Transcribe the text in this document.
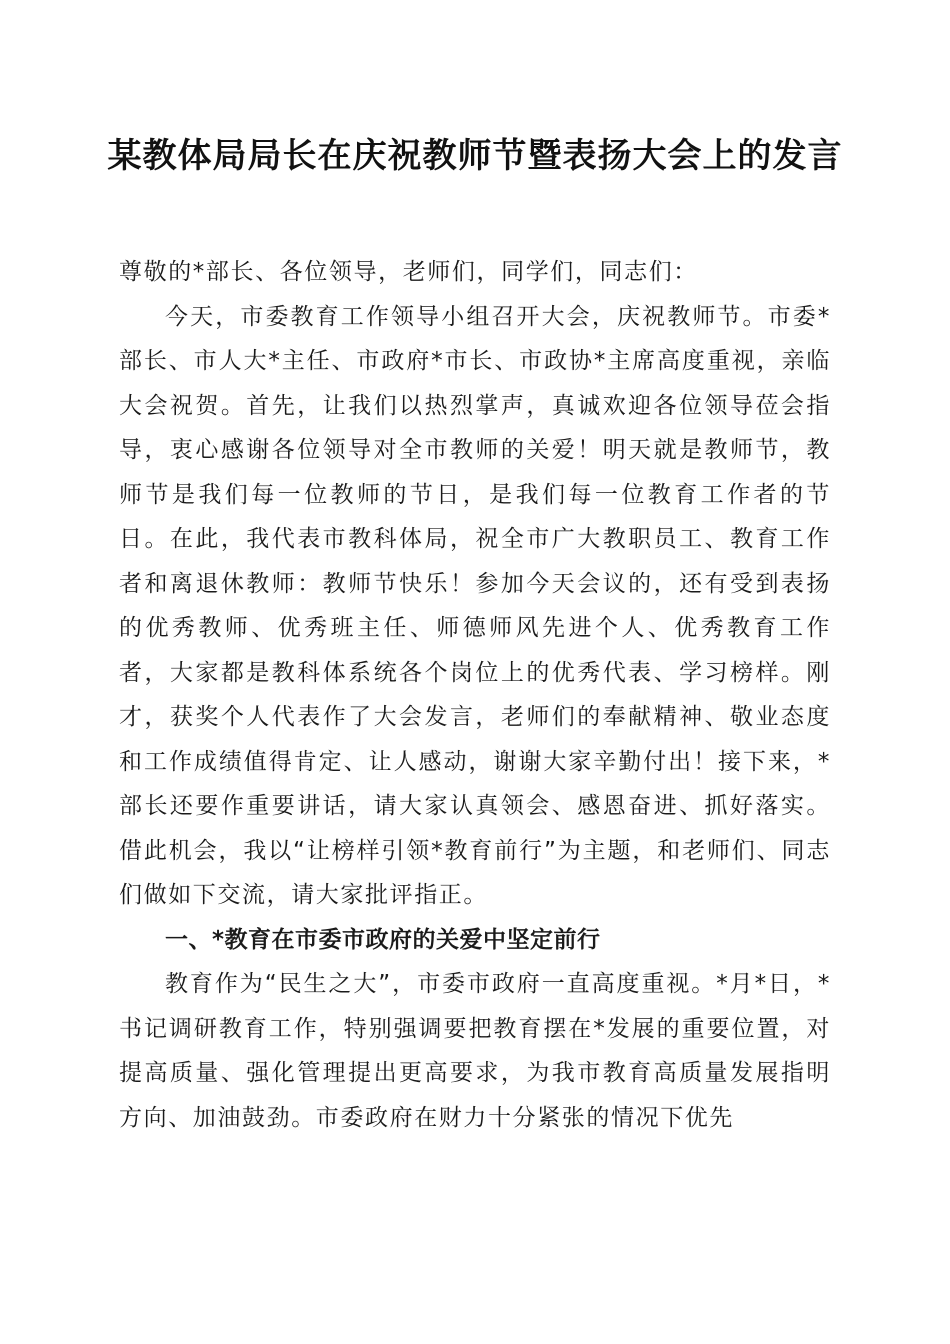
某教体局局长在庆祝教师节暨表扬大会上的发言

尊敬的*部长、各位领导，老师们，同学们，同志们：

今天，市委教育工作领导小组召开大会，庆祝教师节。市委*部长、市人大*主任、市政府*市长、市政协*主席高度重视，亲临大会祝贺。首先，让我们以热烈掌声，真诚欢迎各位领导莅会指导，衷心感谢各位领导对全市教师的关爱！明天就是教师节，教师节是我们每一位教师的节日，是我们每一位教育工作者的节日。在此，我代表市教科体局，祝全市广大教职员工、教育工作者和离退休教师：教师节快乐！参加今天会议的，还有受到表扬的优秀教师、优秀班主任、师德师风先进个人、优秀教育工作者，大家都是教科体系统各个岗位上的优秀代表、学习榜样。刚才，获奖个人代表作了大会发言，老师们的奉献精神、敬业态度和工作成绩值得肯定、让人感动，谢谢大家辛勤付出！接下来，*部长还要作重要讲话，请大家认真领会、感恩奋进、抓好落实。借此机会，我以“让榜样引领*教育前行”为主题，和老师们、同志们做如下交流，请大家批评指正。

一、*教育在市委市政府的关爱中坚定前行

教育作为“民生之大”，市委市政府一直高度重视。*月*日，*书记调研教育工作，特别强调要把教育摆在*发展的重要位置，对提高质量、强化管理提出更高要求，为我市教育高质量发展指明方向、加油鼓劲。市委政府在财力十分紧张的情况下优先
